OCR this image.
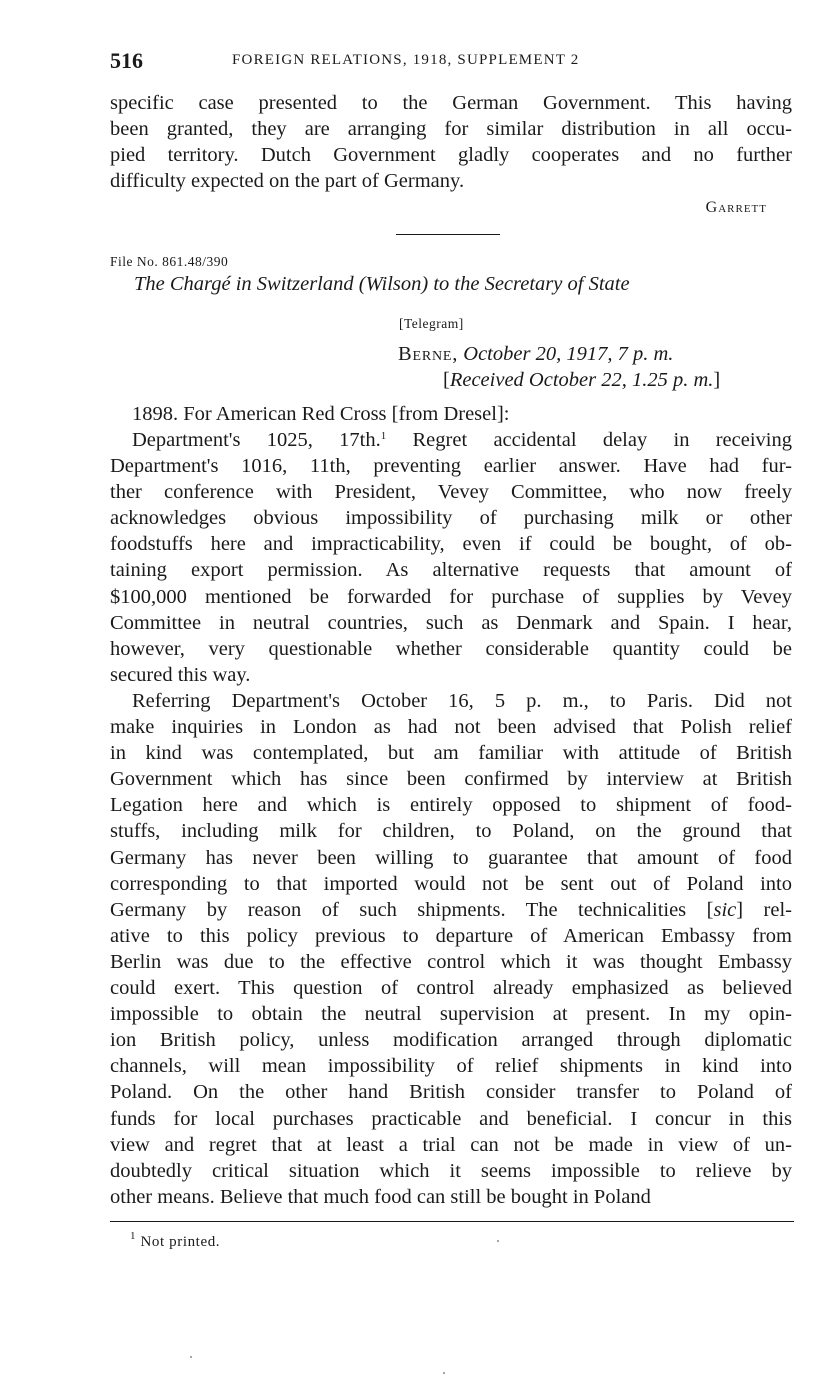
516	FOREIGN RELATIONS, 1918, SUPPLEMENT 2
specific case presented to the German Government. This having
been granted, they are arranging for similar distribution in all occu-
pied territory. Dutch Government gladly cooperates and no further
difficulty expected on the part of Germany.
Garrett
File No. 861.48/390
The Chargé in Switzerland (Wilson) to the Secretary of State
[Telegram]
Berne, October 20, 1917, 7 p. m.
[Received October 22, 1.25 p. m.]
1898. For American Red Cross [from Dresel]:
Department's 1025, 17th.$^1$ Regret accidental delay in receiving
Department's 1016, 11th, preventing earlier answer. Have had fur-
ther conference with President, Vevey Committee, who now freely
acknowledges obvious impossibility of purchasing milk or other
foodstuffs here and impracticability, even if could be bought, of ob-
taining export permission. As alternative requests that amount of
$100,000 mentioned be forwarded for purchase of supplies by Vevey
Committee in neutral countries, such as Denmark and Spain. I hear,
however, very questionable whether considerable quantity could be
secured this way.
Referring Department's October 16, 5 p. m., to Paris. Did not
make inquiries in London as had not been advised that Polish relief
in kind was contemplated, but am familiar with attitude of British
Government which has since been confirmed by interview at British
Legation here and which is entirely opposed to shipment of food-
stuffs, including milk for children, to Poland, on the ground that
Germany has never been willing to guarantee that amount of food
corresponding to that imported would not be sent out of Poland into
Germany by reason of such shipments. The technicalities [sic] rel-
ative to this policy previous to departure of American Embassy from
Berlin was due to the effective control which it was thought Embassy
could exert. This question of control already emphasized as believed
impossible to obtain the neutral supervision at present. In my opin-
ion British policy, unless modification arranged through diplomatic
channels, will mean impossibility of relief shipments in kind into
Poland. On the other hand British consider transfer to Poland of
funds for local purchases practicable and beneficial. I concur in this
view and regret that at least a trial can not be made in view of un-
doubtedly critical situation which it seems impossible to relieve by
other means. Believe that much food can still be bought in Poland
$^1$ Not printed.
